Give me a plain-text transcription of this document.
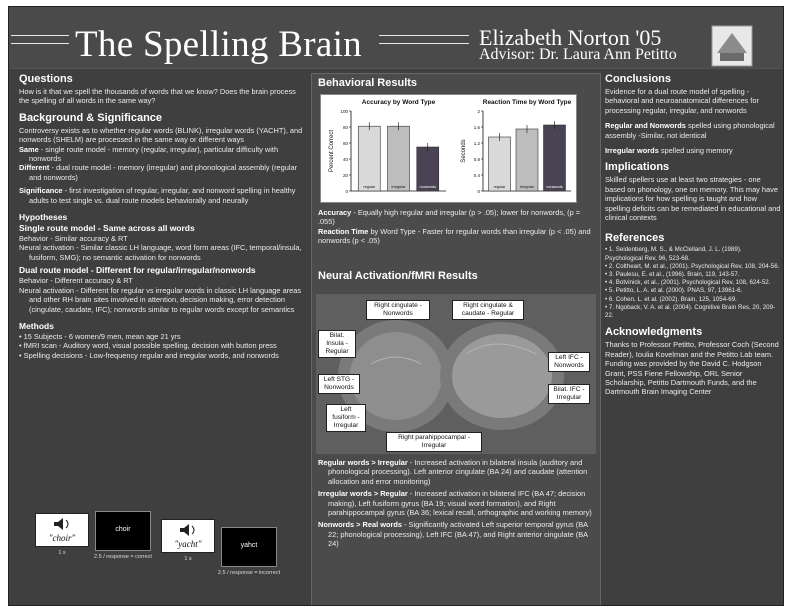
The Spelling Brain	Elizabeth Norton '05
Advisor: Dr. Laura Ann Petitto
Questions

How is it that we spell the thousands of words that we know? Does the brain process the spelling of all words in the same way?

Background & Significance

Controversy exists as to whether regular words (BLINK), irregular words (YACHT), and nonwords (SHELM) are processed in the same way or different ways

Same - single route model - memory (regular, irregular), particular difficulty with nonwords

Different - dual route model - memory (irregular) and phonological assembly (regular and nonwords)

Significance - first investigation of regular, irregular, and nonword spelling in healthy adults to test single vs. dual route models behaviorally and neurally

Hypotheses
Single route model - Same across all words

Behavior - Similar accuracy & RT

Neural activation - Similar classic LH language, word form areas (IFC, temporal/insula, fusiform, SMG); no semantic activation for nonwords

Dual route model - Different for regular/irregular/nonwords

Behavior - Different accuracy & RT

Neural activation - Different for regular vs irregular words in classic LH language areas and other RH brain sites involved in attention, decision making, error detection (cingulate, caudate, IFC); nonwords similar to regular words except for semantics

Methods
• 15 Subjects - 6 women/9 men, mean age 21 yrs
• fMRI scan - Auditory word, visual possible spelling, decision with button press
• Spelling decisions - Low-frequency regular and irregular words, and nonwords
"choir"
1 s
choir
2.5 / response = correct
"yacht"
1 s
yahct
2.5 / response = incorrect
Behavioral Results
Accuracy by Word Type
Percent Correct
0
20
40
60
80
100
regular	irregular	nonwords
Reaction Time by Word Type
Seconds
0
0.4
0.8
1.2
1.6
2
regular	irregular	nonwords

Accuracy - Equally high regular and irregular (p > .05); lower for nonwords, (p = .055)

Reaction Time by Word Type - Faster for regular words than irregular (p < .05) and nonwords (p < .05)

Neural Activation/fMRI Results
Right cingulate - Nonwords
Right cingulate & caudate - Regular
Bilat. Insula - Regular
Left IFC - Nonwords
Left STG - Nonwords	Bilat. IFC - Irregular
Left fusiform - Irregular
Right parahippocampal - Irregular

Regular words > Irregular - Increased activation in bilateral insula (auditory and phonological processing). Left anterior cingulate (BA 24) and caudate (attention allocation and error monitoring)

Irregular words > Regular - Increased activation in bilateral IFC (BA 47; decision making), Left fusiform gyrus (BA 19; visual word formation), and Right parahippocampal gyrus (BA 36; lexical recall, orthographic and working memory)

Nonwords > Real words - Significantly activated Left superior temporal gyrus (BA 22; phonological processing), Left IFC (BA 47), and Right anterior cingulate (BA 24)

Conclusions

Evidence for a dual route model of spelling - behavioral and neuroanatomical differences for processing regular, irregular, and nonwords

Regular and Nonwords spelled using phonological assembly -Similar, not identical

Irregular words spelled using memory

Implications

Skilled spellers use at least two strategies - one based on phonology, one on memory. This may have implications for how spelling is taught and how spelling deficits can be remediated in educational and clinical contexts

References
• 1. Seidenberg, M. S., & McClelland, J. L. (1989). Psychological Rev, 96, 523-68.
• 2. Coltheart, M. et al., (2001). Psychological Rev, 108, 204-56.
• 3. Paulesu, E. et al., (1996). Brain, 119, 143-57.
• 4. Botvinick, et al., (2001). Psychological Rev, 108, 624-52.
• 5. Petitto, L. A. et al. (2000). PNAS, 97, 13961-6.
• 6. Cohen, L. et al. (2002). Brain, 125, 1054-69.
• 7. Ngoback, V. A. et al. (2004). Cognitive Brain Res, 20, 209-22.
Acknowledgments

Thanks to Professor Petitto, Professor Coch (Second Reader), Ioulia Kovelman and the Petitto Lab team. Funding was provided by the David C. Hodgson Grant, PSS Fiene Fellowship, ORL Senior Scholarship, Petitto Dartmouth Funds, and the Dartmouth Brain Imaging Center
